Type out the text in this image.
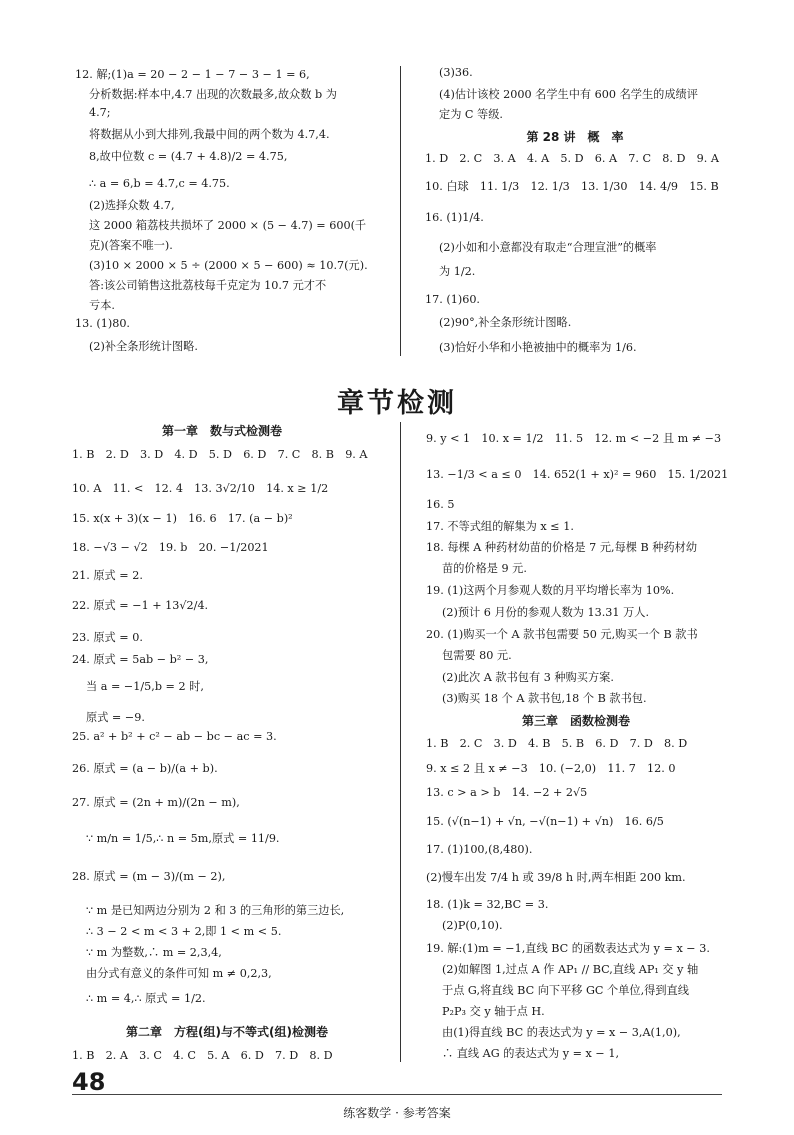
12. 解;(1)a = 20 − 2 − 1 − 7 − 3 − 1 = 6,
分析数据:样本中,4.7 出现的次数最多,故众数 b 为
4.7;
将数据从小到大排列,我最中间的两个数为 4.7,4.
8,故中位数 c = (4.7 + 4.8)/2 = 4.75,
∴ a = 6,b = 4.7,c = 4.75.
(2)选择众数 4.7,
这 2000 箱荔枝共损坏了 2000 × (5 − 4.7) = 600(千
克)(答案不唯一).
(3)10 × 2000 × 5 ÷ (2000 × 5 − 600) ≈ 10.7(元).
答:该公司销售这批荔枝每千克定为 10.7 元才不
亏本.
13. (1)80.
(2)补全条形统计图略.
(3)36.
(4)估计该校 2000 名学生中有 600 名学生的成绩评
定为 C 等级.
第 28 讲　概　率
1. D　2. C　3. A　4. A　5. D　6. A　7. C　8. D　9. A
10. 白球　11. 1/3　12. 1/3　13. 1/30　14. 4/9　15. B
16. (1)1/4.
(2)小如和小意都没有取走“合理宣泄”的概率
为 1/2.
17. (1)60.
(2)90°,补全条形统计图略.
(3)恰好小华和小艳被抽中的概率为 1/6.
章节检测
第一章　数与式检测卷
1. B　2. D　3. D　4. D　5. D　6. D　7. C　8. B　9. A
10. A　11. <　12. 4　13. 3√2/10　14. x ≥ 1/2
15. x(x + 3)(x − 1)　16. 6　17. (a − b)²
18. −√3 − √2　19. b　20. −1/2021
21. 原式 = 2.
22. 原式 = −1 + 13√2/4.
23. 原式 = 0.
24. 原式 = 5ab − b² − 3,
当 a = −1/5,b = 2 时,
原式 = −9.
25. a² + b² + c² − ab − bc − ac = 3.
26. 原式 = (a − b)/(a + b).
27. 原式 = (2n + m)/(2n − m),
∵ m/n = 1/5,∴ n = 5m,原式 = 11/9.
28. 原式 = (m − 3)/(m − 2),
∵ m 是已知两边分别为 2 和 3 的三角形的第三边长,
∴ 3 − 2 < m < 3 + 2,即 1 < m < 5.
∵ m 为整数,∴ m = 2,3,4,
由分式有意义的条件可知 m ≠ 0,2,3,
∴ m = 4,∴ 原式 = 1/2.
第二章　方程(组)与不等式(组)检测卷
1. B　2. A　3. C　4. C　5. A　6. D　7. D　8. D
9. y < 1　10. x = 1/2　11. 5　12. m < −2 且 m ≠ −3
13. −1/3 < a ≤ 0　14. 652(1 + x)² = 960　15. 1/2021
16. 5
17. 不等式组的解集为 x ≤ 1.
18. 每棵 A 种药材幼苗的价格是 7 元,每棵 B 种药材幼
苗的价格是 9 元.
19. (1)这两个月参观人数的月平均增长率为 10%.
(2)预计 6 月份的参观人数为 13.31 万人.
20. (1)购买一个 A 款书包需要 50 元,购买一个 B 款书
包需要 80 元.
(2)此次 A 款书包有 3 种购买方案.
(3)购买 18 个 A 款书包,18 个 B 款书包.
第三章　函数检测卷
1. B　2. C　3. D　4. B　5. B　6. D　7. D　8. D
9. x ≤ 2 且 x ≠ −3　10. (−2,0)　11. 7　12. 0
13. c > a > b　14. −2 + 2√5
15. (√(n−1) + √n, −√(n−1) + √n)　16. 6/5
17. (1)100,(8,480).
(2)慢车出发 7/4 h 或 39/8 h 时,两车相距 200 km.
18. (1)k = 32,BC = 3.
(2)P(0,10).
19. 解:(1)m = −1,直线 BC 的函数表达式为 y = x − 3.
(2)如解图 1,过点 A 作 AP₁ // BC,直线 AP₁ 交 y 轴
于点 G,将直线 BC 向下平移 GC 个单位,得到直线
P₂P₃ 交 y 轴于点 H.
由(1)得直线 BC 的表达式为 y = x − 3,A(1,0),
∴ 直线 AG 的表达式为 y = x − 1,
48
练客数学 · 参考答案
